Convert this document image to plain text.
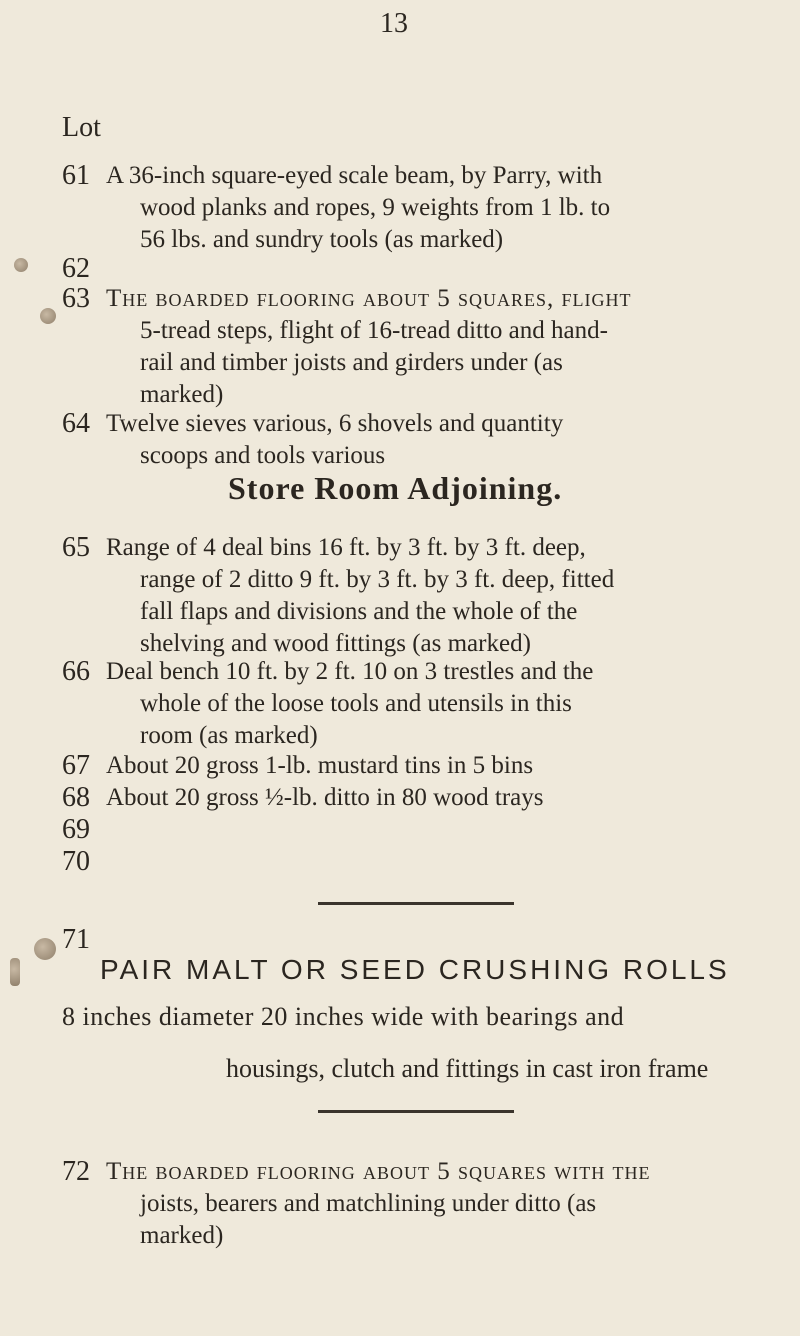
13
Lot
61 A 36-inch square-eyed scale beam, by Parry, with
wood planks and ropes, 9 weights from 1 lb. to
56 lbs. and sundry tools (as marked)
62
63 The boarded flooring about 5 squares, flight
5-tread steps, flight of 16-tread ditto and hand-
rail and timber joists and girders under (as
marked)
64 Twelve sieves various, 6 shovels and quantity
scoops and tools various
Store Room Adjoining.
65 Range of 4 deal bins 16 ft. by 3 ft. by 3 ft. deep,
range of 2 ditto 9 ft. by 3 ft. by 3 ft. deep, fitted
fall flaps and divisions and the whole of the
shelving and wood fittings (as marked)
66 Deal bench 10 ft. by 2 ft. 10 on 3 trestles and the
whole of the loose tools and utensils in this
room (as marked)
67 About 20 gross 1-lb. mustard tins in 5 bins
68 About 20 gross ½-lb. ditto in 80 wood trays
69
70
71
PAIR MALT OR SEED CRUSHING ROLLS
8 inches diameter 20 inches wide with bearings and
housings, clutch and fittings in cast iron frame
72 The boarded flooring about 5 squares with the
joists, bearers and matchlining under ditto (as
marked)
